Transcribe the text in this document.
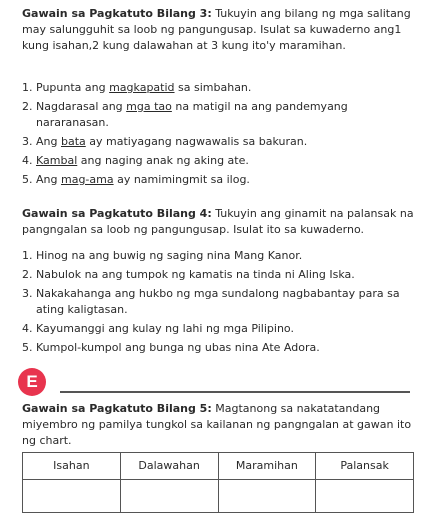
Gawain sa Pagkatuto Bilang 3: Tukuyin ang bilang ng mga salitang may salungguhit sa loob ng pangungusap. Isulat sa kuwaderno ang1 kung isahan,2 kung dalawahan at 3 kung ito'y maramihan.

1. Pupunta ang magkapatid sa simbahan.
2. Nagdarasal ang mga tao na matigil na ang pandemyang nararanasan.
3. Ang bata ay matiyagang nagwawalis sa bakuran.
4. Kambal ang naging anak ng aking ate.
5. Ang mag-ama ay namimingmit sa ilog.

Gawain sa Pagkatuto Bilang 4: Tukuyin ang ginamit na palansak na pangngalan sa loob ng pangungusap. Isulat ito sa kuwaderno.

1. Hinog na ang buwig ng saging nina Mang Kanor.
2. Nabulok na ang tumpok ng kamatis na tinda ni Aling Iska.
3. Nakakahanga ang hukbo ng mga sundalong nagbabantay para sa ating kaligtasan.
4. Kayumanggi ang kulay ng lahi ng mga Pilipino.
5. Kumpol-kumpol ang bunga ng ubas nina Ate Adora.
E

Gawain sa Pagkatuto Bilang 5: Magtanong sa nakatatandang miyembro ng pamilya tungkol sa kailanan ng pangngalan at gawan ito ng chart.

Isahan	Dalawahan	Maramihan	Palansak
